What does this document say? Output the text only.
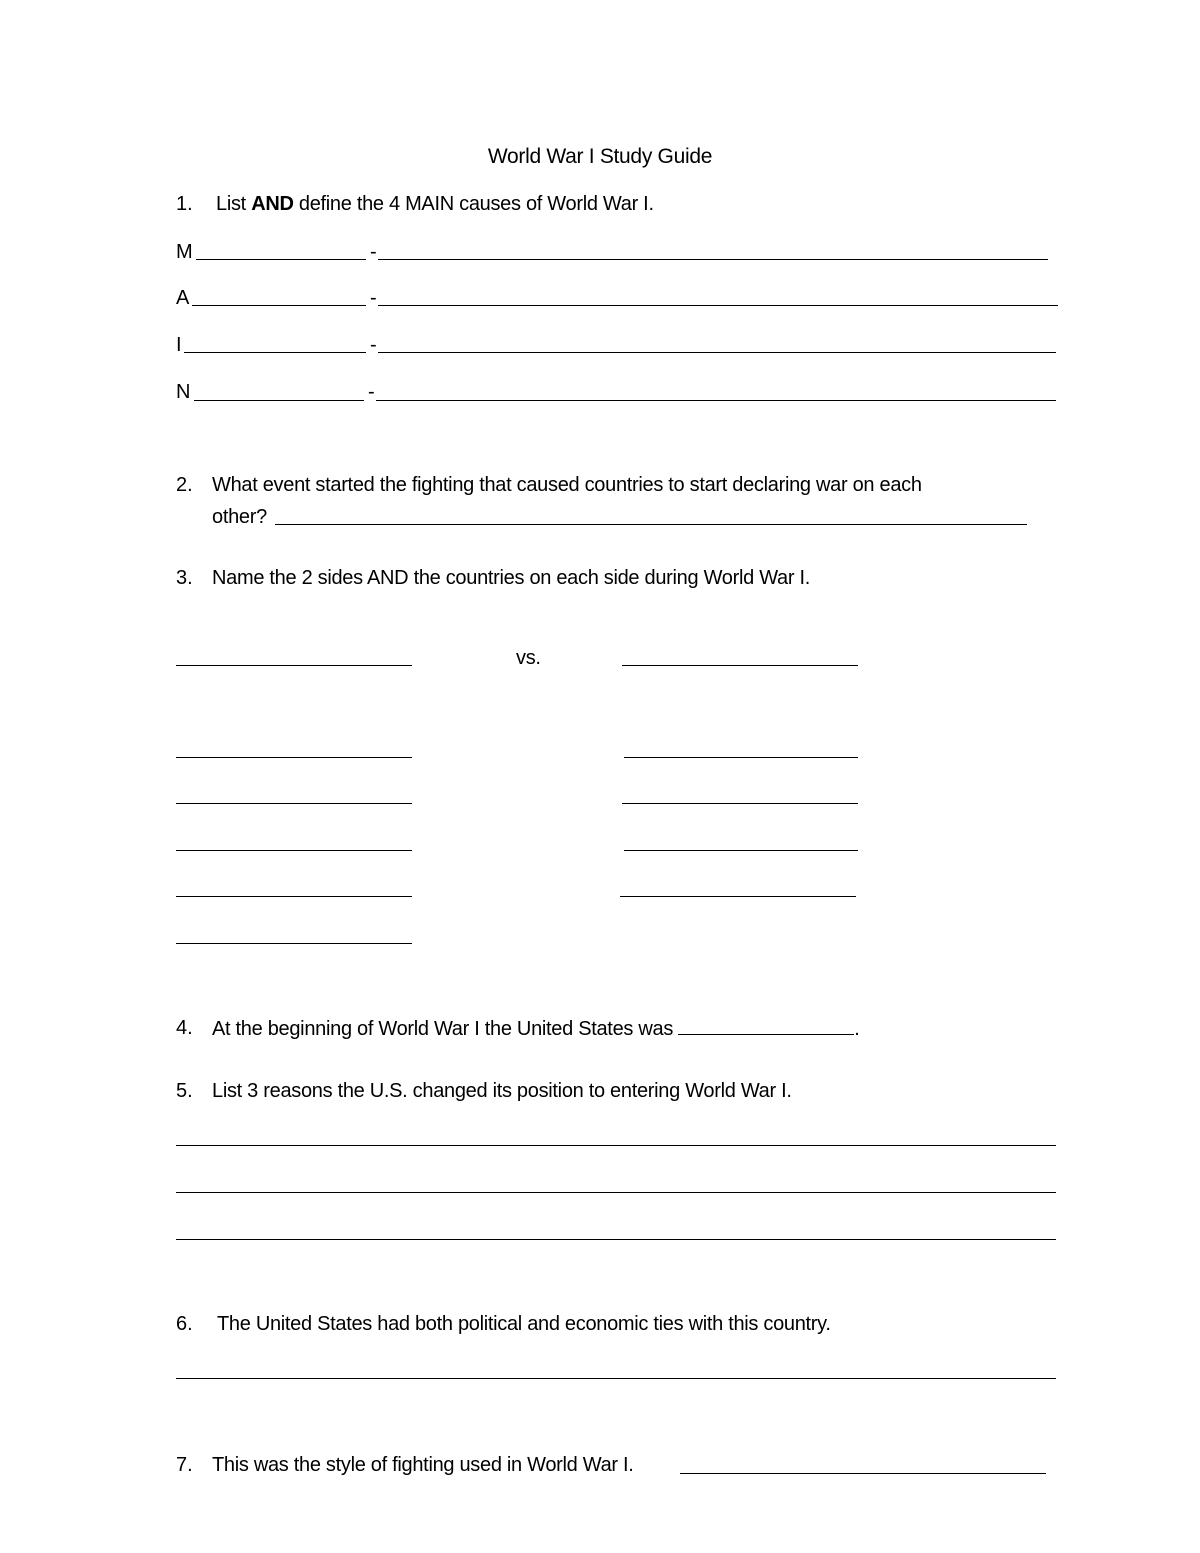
World War I Study Guide
1. List AND define the 4 MAIN causes of World War I.
M	-
A	-
I	-
N	-
2. What event started the fighting that caused countries to start declaring war on each
other?
3. Name the 2 sides AND the countries on each side during World War I.
vs.
4. At the beginning of World War I the United States was	.
5. List 3 reasons the U.S. changed its position to entering World War I.
6. The United States had both political and economic ties with this country.
7. This was the style of fighting used in World War I.
